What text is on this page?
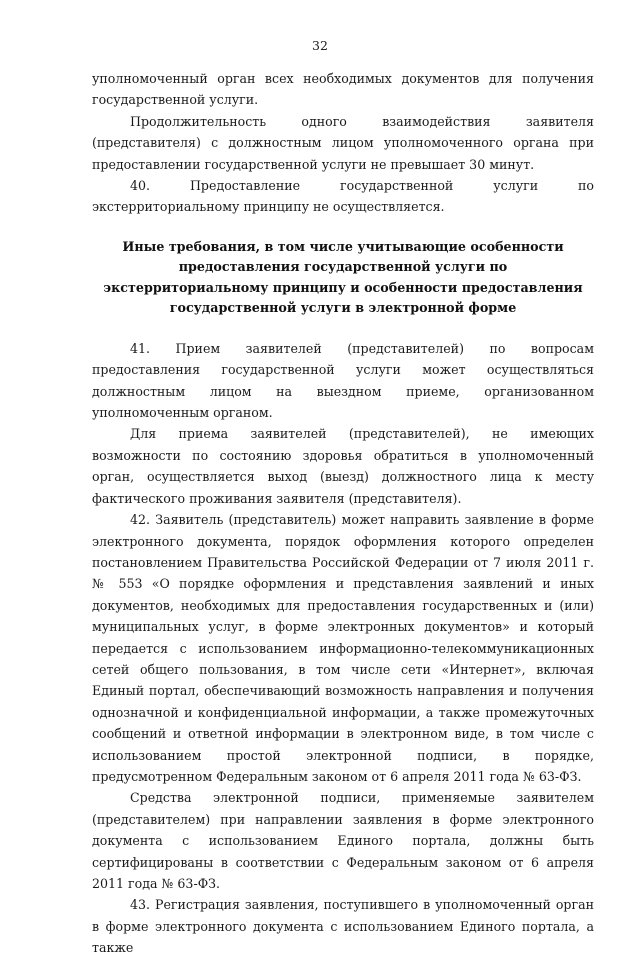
32

уполномоченный орган всех необходимых документов для получения государственной услуги.

Продолжительность одного взаимодействия заявителя (представителя) с должностным лицом уполномоченного органа при предоставлении государственной услуги не превышает 30 минут.

40. Предоставление государственной услуги по экстерриториальному принципу не осуществляется.

Иные требования, в том числе учитывающие особенности предоставления государственной услуги по экстерриториальному принципу и особенности предоставления государственной услуги в электронной форме

41. Прием заявителей (представителей) по вопросам предоставления государственной услуги может осуществляться должностным лицом на выездном приеме, организованном уполномоченным органом.

Для приема заявителей (представителей), не имеющих возможности по состоянию здоровья обратиться в уполномоченный орган, осуществляется выход (выезд) должностного лица к месту фактического проживания заявителя (представителя).

42. Заявитель (представитель) может направить заявление в форме электронного документа, порядок оформления которого определен постановлением Правительства Российской Федерации от 7 июля 2011 г. № 553 «О порядке оформления и представления заявлений и иных документов, необходимых для предоставления государственных и (или) муниципальных услуг, в форме электронных документов» и который передается с использованием информационно-телекоммуникационных сетей общего пользования, в том числе сети «Интернет», включая Единый портал, обеспечивающий возможность направления и получения однозначной и конфиденциальной информации, а также промежуточных сообщений и ответной информации в электронном виде, в том числе с использованием простой электронной подписи, в порядке, предусмотренном Федеральным законом от 6 апреля 2011 года № 63-ФЗ.

Средства электронной подписи, применяемые заявителем (представителем) при направлении заявления в форме электронного документа с использованием Единого портала, должны быть сертифицированы в соответствии с Федеральным законом от 6 апреля 2011 года № 63-ФЗ.

43. Регистрация заявления, поступившего в уполномоченный орган в форме электронного документа с использованием Единого портала, а также
